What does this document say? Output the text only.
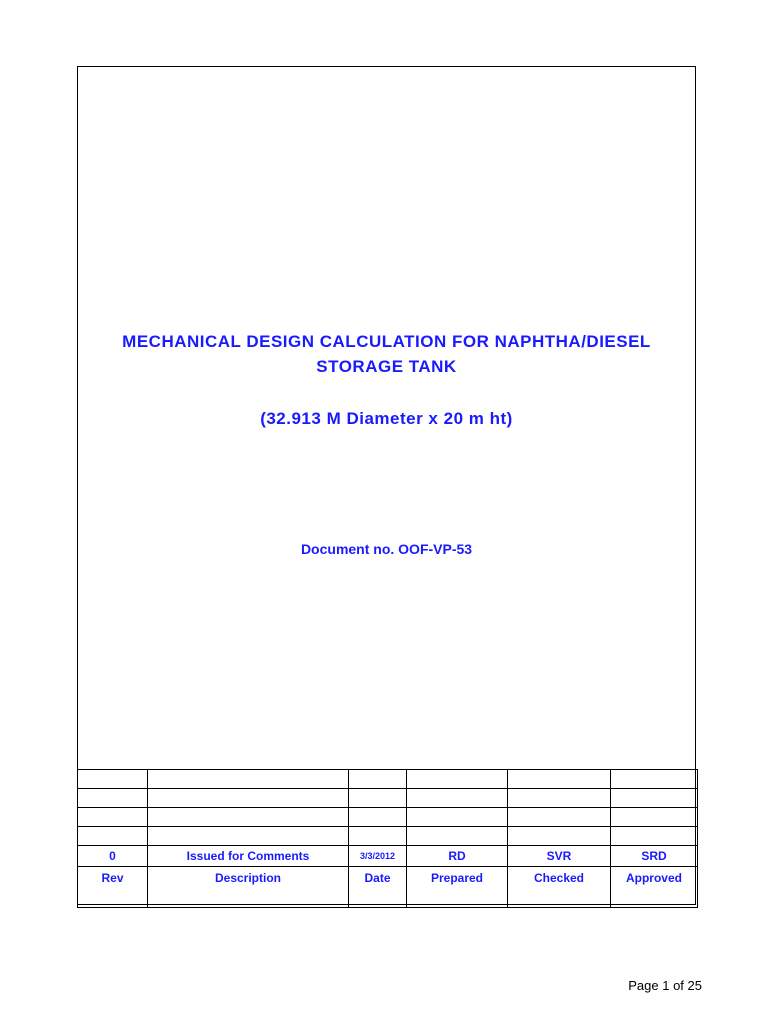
MECHANICAL DESIGN CALCULATION FOR NAPHTHA/DIESEL
STORAGE TANK
(32.913 M Diameter x 20 m ht)
Document no. OOF-VP-53

0	Issued for Comments	3/3/2012	RD	SVR	SRD
Rev	Description	Date	Prepared	Checked	Approved
Page 1 of 25
